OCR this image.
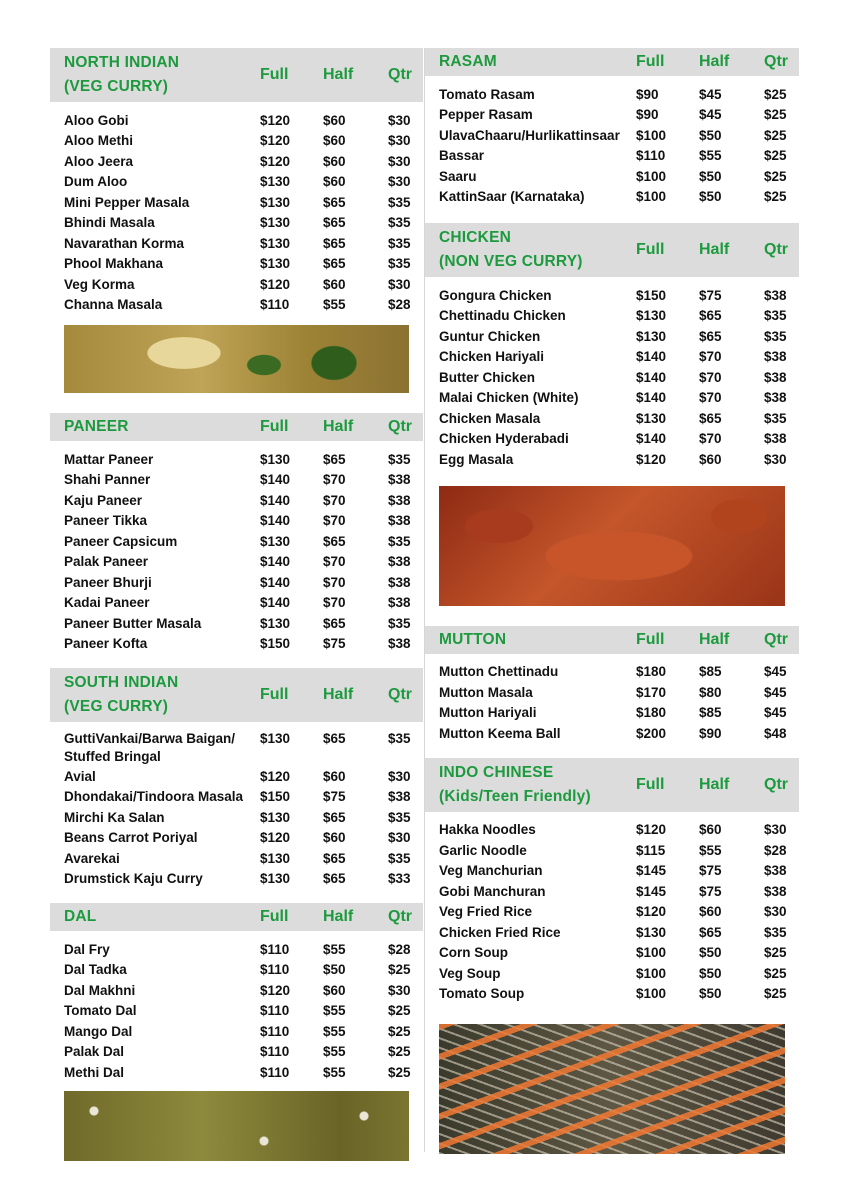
NORTH INDIAN
(VEG CURRY)
Full	Half	Qtr
Aloo Gobi	$120	$60	$30
Aloo Methi	$120	$60	$30
Aloo Jeera	$120	$60	$30
Dum Aloo	$130	$60	$30
Mini Pepper Masala	$130	$65	$35
Bhindi Masala	$130	$65	$35
Navarathan Korma	$130	$65	$35
Phool Makhana	$130	$65	$35
Veg Korma	$120	$60	$30
Channa Masala	$110	$55	$28
PANEER	Full	Half	Qtr
Mattar Paneer	$130	$65	$35
Shahi Panner	$140	$70	$38
Kaju Paneer	$140	$70	$38
Paneer Tikka	$140	$70	$38
Paneer Capsicum	$130	$65	$35
Palak Paneer	$140	$70	$38
Paneer Bhurji	$140	$70	$38
Kadai Paneer	$140	$70	$38
Paneer Butter Masala	$130	$65	$35
Paneer Kofta	$150	$75	$38
SOUTH INDIAN
(VEG CURRY)
Full	Half	Qtr
GuttiVankai/Barwa Baigan/ Stuffed Bringal
$130	$65	$35
Avial	$120	$60	$30
Dhondakai/Tindoora Masala	$150	$75	$38
Mirchi Ka Salan	$130	$65	$35
Beans Carrot Poriyal	$120	$60	$30
Avarekai	$130	$65	$35
Drumstick Kaju Curry	$130	$65	$33
DAL	Full	Half	Qtr
Dal Fry	$110	$55	$28
Dal Tadka	$110	$50	$25
Dal Makhni	$120	$60	$30
Tomato Dal	$110	$55	$25
Mango Dal	$110	$55	$25
Palak Dal	$110	$55	$25
Methi Dal	$110	$55	$25
RASAM	Full	Half	Qtr
Tomato Rasam	$90	$45	$25
Pepper Rasam	$90	$45	$25
UlavaChaaru/Hurlikattinsaar	$100	$50	$25
Bassar	$110	$55	$25
Saaru	$100	$50	$25
KattinSaar (Karnataka)	$100	$50	$25
CHICKEN
(NON VEG CURRY)
Full	Half	Qtr
Gongura Chicken	$150	$75	$38
Chettinadu Chicken	$130	$65	$35
Guntur Chicken	$130	$65	$35
Chicken Hariyali	$140	$70	$38
Butter Chicken	$140	$70	$38
Malai Chicken (White)	$140	$70	$38
Chicken Masala	$130	$65	$35
Chicken Hyderabadi	$140	$70	$38
Egg Masala	$120	$60	$30
MUTTON	Full	Half	Qtr
Mutton Chettinadu	$180	$85	$45
Mutton Masala	$170	$80	$45
Mutton Hariyali	$180	$85	$45
Mutton Keema Ball	$200	$90	$48
INDO CHINESE
(Kids/Teen Friendly)
Full	Half	Qtr
Hakka Noodles	$120	$60	$30
Garlic Noodle	$115	$55	$28
Veg Manchurian	$145	$75	$38
Gobi Manchuran	$145	$75	$38
Veg Fried Rice	$120	$60	$30
Chicken Fried Rice	$130	$65	$35
Corn Soup	$100	$50	$25
Veg Soup	$100	$50	$25
Tomato Soup	$100	$50	$25
